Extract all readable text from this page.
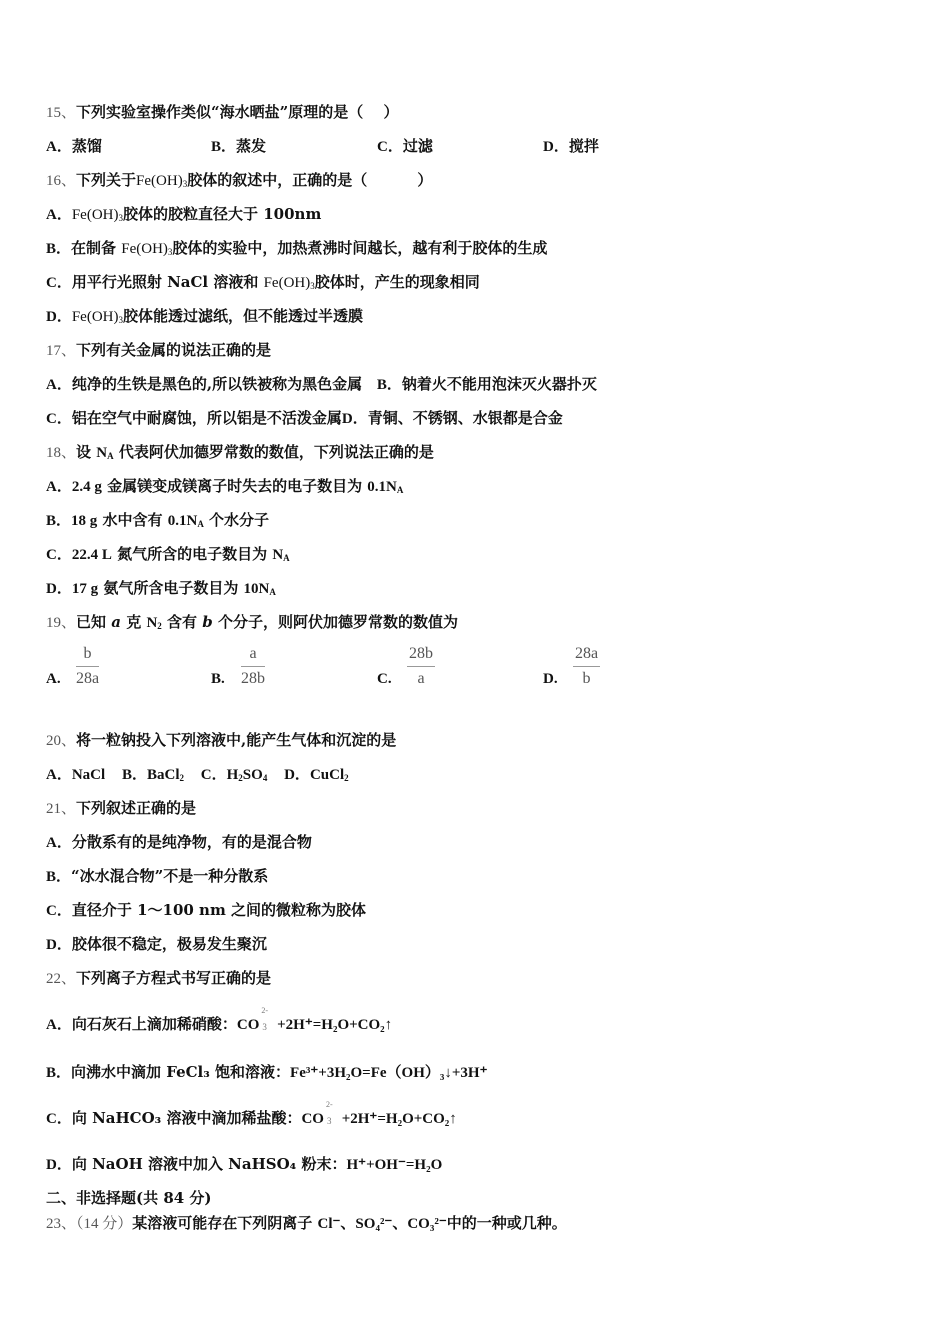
15、下列实验室操作类似“海水晒盐”原理的是（　 ）
A．蒸馏	B．蒸发	C．过滤	D．搅拌
16、下列关于$Fe(OH)_3$胶体的叙述中，正确的是（　　　 ）
A．$Fe(OH)_3$胶体的胶粒直径大于 100nm
B．在制备 $Fe(OH)_3$胶体的实验中，加热煮沸时间越长，越有利于胶体的生成
C．用平行光照射 NaCl 溶液和 $Fe(OH)_3$胶体时，产生的现象相同
D．$Fe(OH)_3$胶体能透过滤纸，但不能透过半透膜
17、下列有关金属的说法正确的是
A．纯净的生铁是黑色的,所以铁被称为黑色金属 B．钠着火不能用泡沫灭火器扑灭
C．铝在空气中耐腐蚀，所以铝是不活泼金属D．青铜、不锈钢、水银都是合金
18、设 $N_A$ 代表阿伏加德罗常数的数值，下列说法正确的是
A．2.4 g 金属镁变成镁离子时失去的电子数目为 $0.1N_A$
B．18 g 水中含有 $0.1N_A$ 个水分子
C．22.4 L 氮气所含的电子数目为 $N_A$
D．17 g 氨气所含电子数目为 $10N_A$
19、已知 a 克 $N_2$ 含有 b 个分子，则阿伏加德罗常数的数值为
A.
b
28a	B.
a
28b	C.
28b
a	D.
28a
b
20、将一粒钠投入下列溶液中,能产生气体和沉淀的是
A．NaCl B．BaCl$_2$ C．$H_2SO_4$ D．CuCl$_2$
21、下列叙述正确的是
A．分散系有的是纯净物，有的是混合物
B．“冰水混合物”不是一种分散系
C．直径介于 1～100 nm 之间的微粒称为胶体
D．胶体很不稳定，极易发生聚沉
22、下列离子方程式书写正确的是
A．向石灰石上滴加稀硝酸：CO
2-
3 +2H⁺=H₂O+CO₂↑
B．向沸水中滴加 FeCl₃ 饱和溶液：Fe³⁺+3H₂O=Fe（OH）₃↓+3H⁺
C．向 NaHCO₃ 溶液中滴加稀盐酸：CO
2-
3 +2H⁺=H₂O+CO₂↑
D．向 NaOH 溶液中加入 NaHSO₄ 粉末：H⁺+OH⁻=H₂O
二、非选择题(共 84 分)
23、（14 分）某溶液可能存在下列阴离子 Cl⁻、SO₄²⁻、CO₃²⁻中的一种或几种。
